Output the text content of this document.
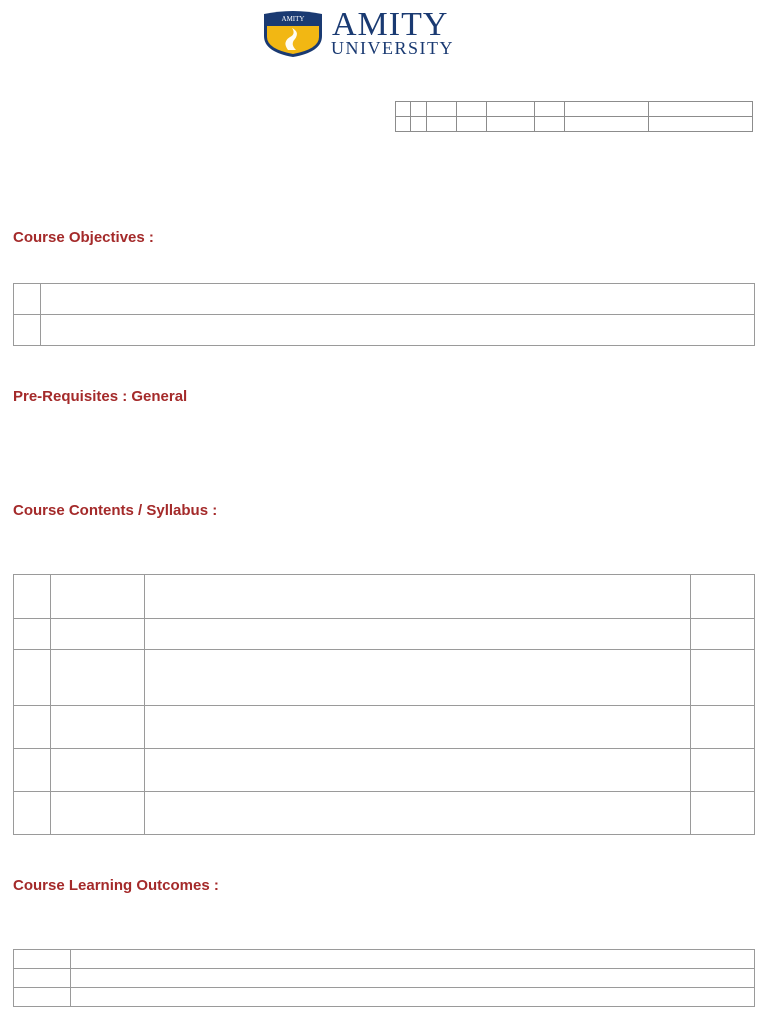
AMITY AMITY
UNIVERSITY

Course Objectives :

Pre-Requisites : General
Course Contents / Syllabus :

Course Learning Outcomes :
